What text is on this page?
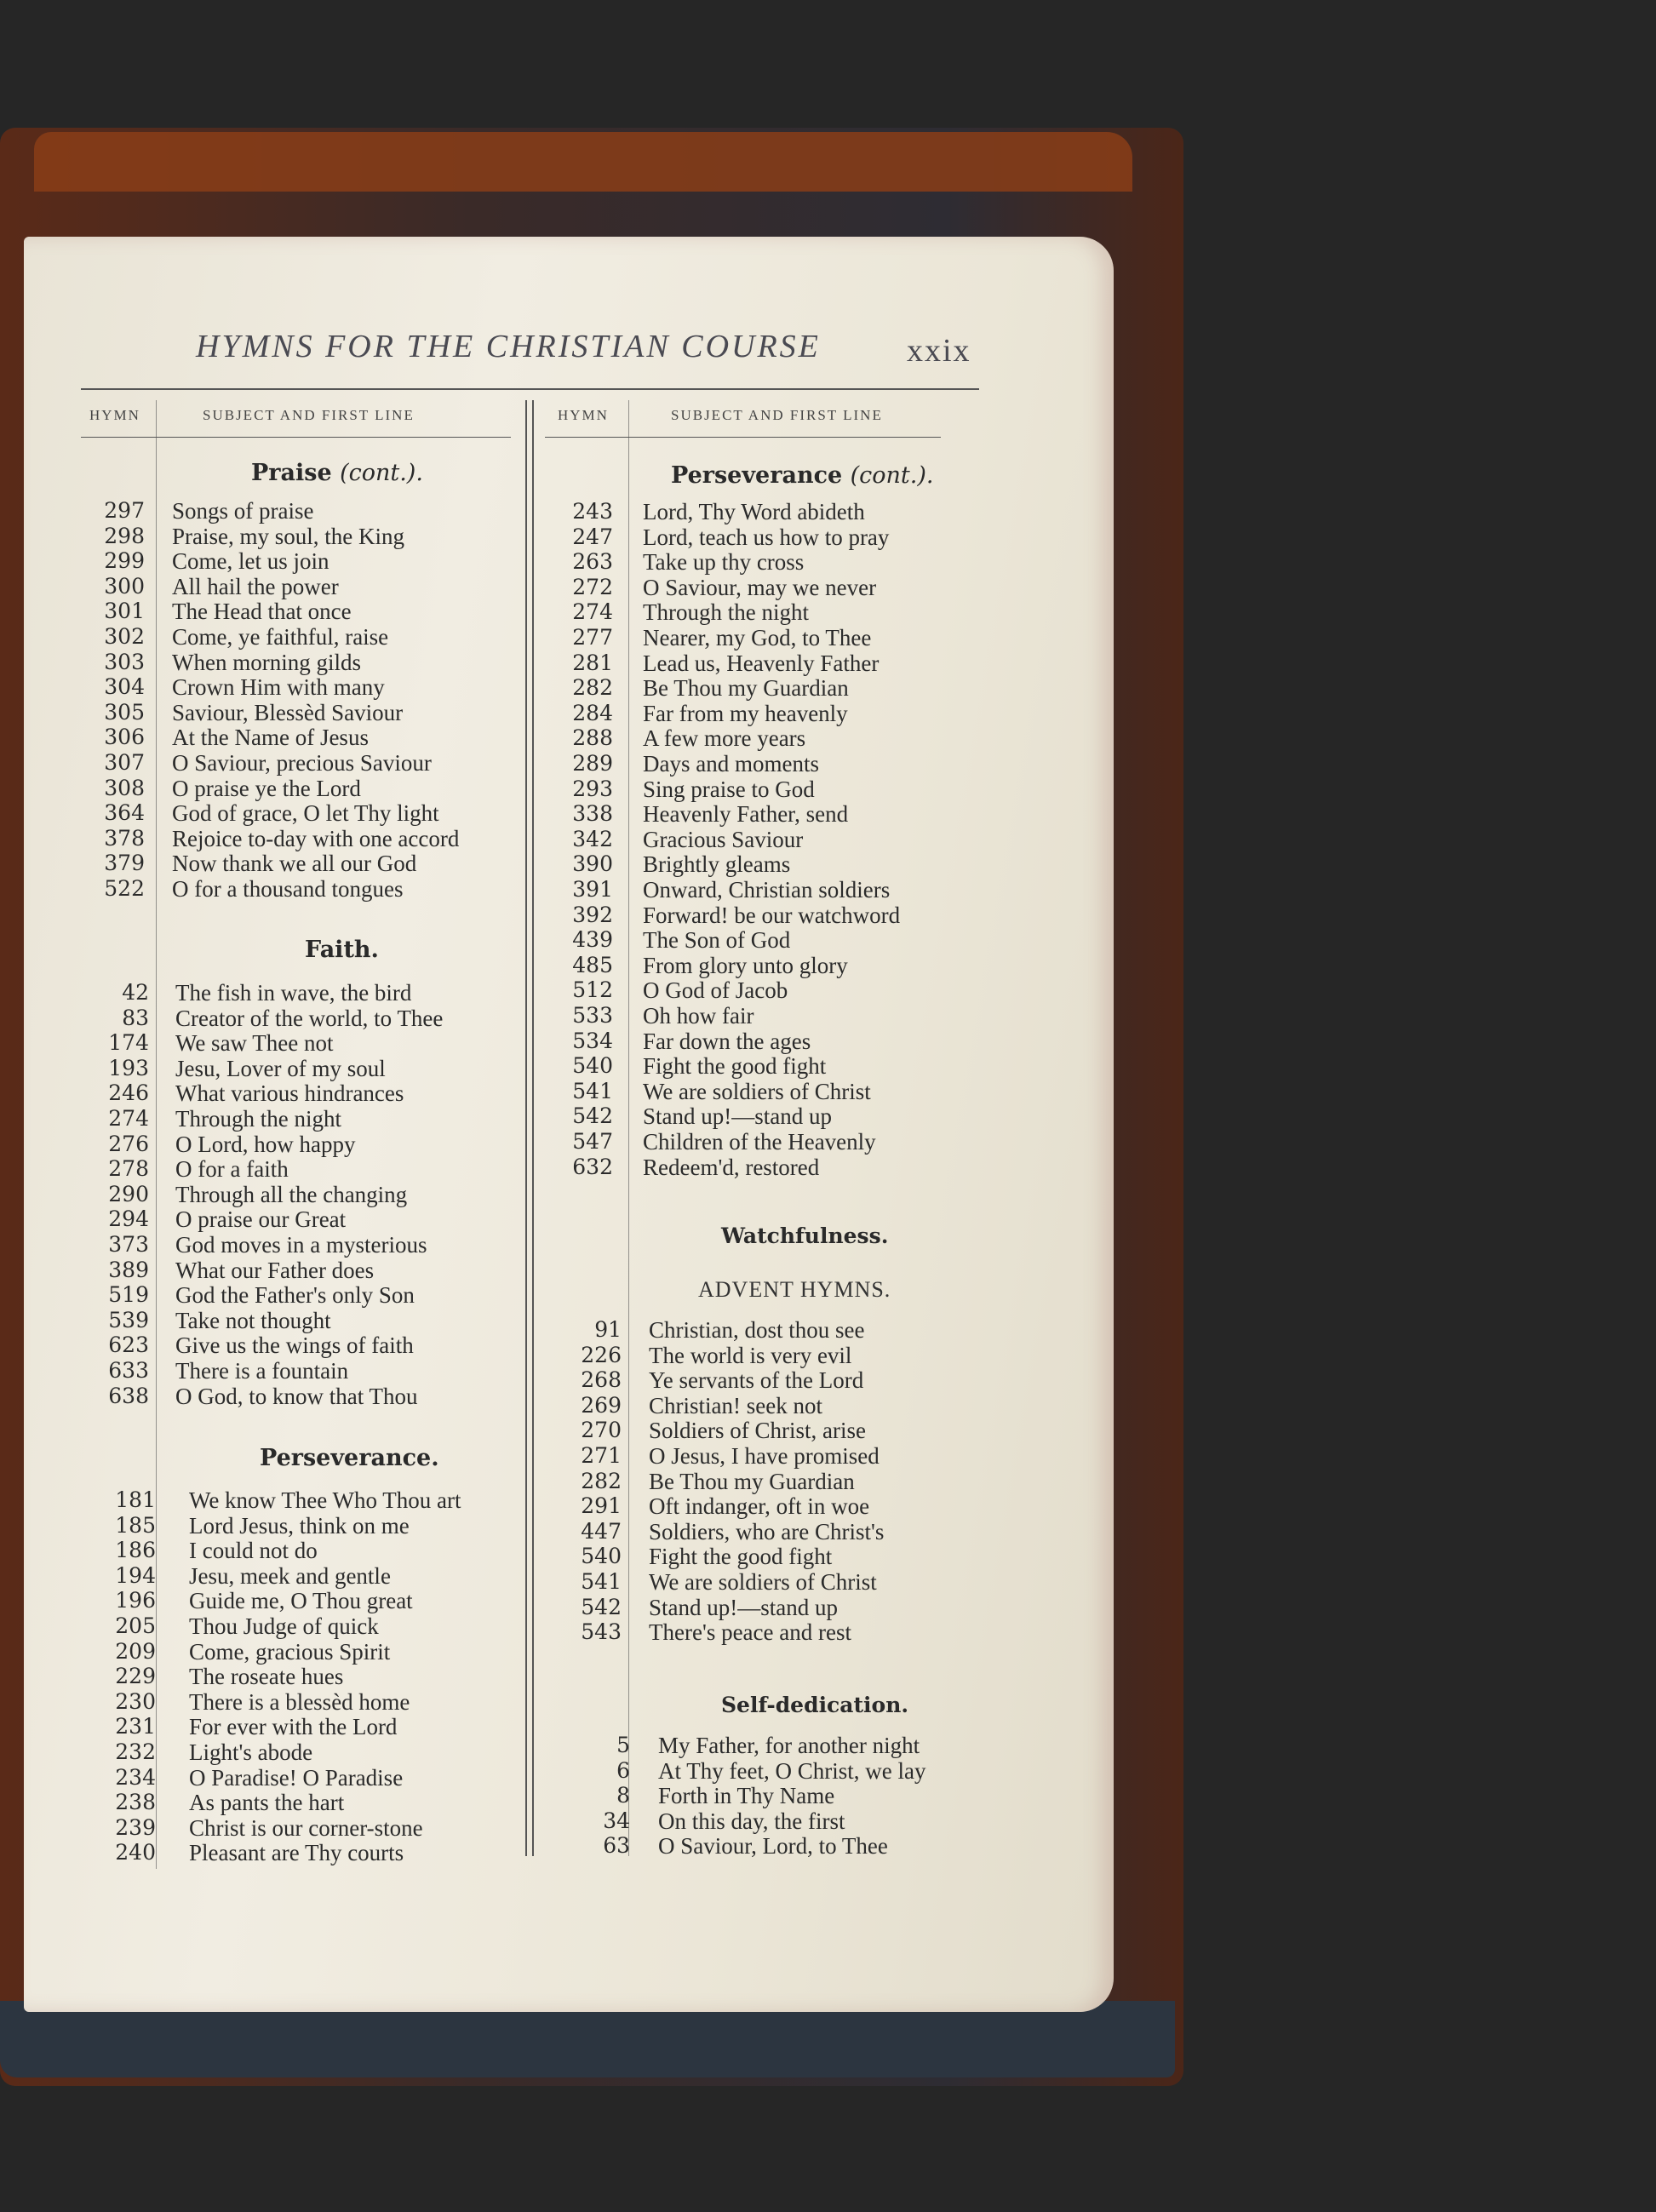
HYMNS FOR THE CHRISTIAN COURSE	xxix
HYMN	SUBJECT AND FIRST LINE	HYMN	SUBJECT AND FIRST LINE
Praise (cont.).
Faith.
Perseverance.
Perseverance (cont.).
Watchfulness.
ADVENT HYMNS.
Self-dedication.
297 Songs of praise
298 Praise, my soul, the King
299 Come, let us join
300 All hail the power
301 The Head that once
302 Come, ye faithful, raise
303 When morning gilds
304 Crown Him with many
305 Saviour, Blessèd Saviour
306 At the Name of Jesus
307 O Saviour, precious Saviour
308 O praise ye the Lord
364 God of grace, O let Thy light
378 Rejoice to-day with one accord
379 Now thank we all our God
522 O for a thousand tongues
42 The fish in wave, the bird
83 Creator of the world, to Thee
174 We saw Thee not
193 Jesu, Lover of my soul
246 What various hindrances
274 Through the night
276 O Lord, how happy
278 O for a faith
290 Through all the changing
294 O praise our Great
373 God moves in a mysterious
389 What our Father does
519 God the Father's only Son
539 Take not thought
623 Give us the wings of faith
633 There is a fountain
638 O God, to know that Thou
181 We know Thee Who Thou art
185 Lord Jesus, think on me
186 I could not do
194 Jesu, meek and gentle
196 Guide me, O Thou great
205 Thou Judge of quick
209 Come, gracious Spirit
229 The roseate hues
230 There is a blessèd home
231 For ever with the Lord
232 Light's abode
234 O Paradise! O Paradise
238 As pants the hart
239 Christ is our corner-stone
240 Pleasant are Thy courts
243 Lord, Thy Word abideth
247 Lord, teach us how to pray
263 Take up thy cross
272 O Saviour, may we never
274 Through the night
277 Nearer, my God, to Thee
281 Lead us, Heavenly Father
282 Be Thou my Guardian
284 Far from my heavenly
288 A few more years
289 Days and moments
293 Sing praise to God
338 Heavenly Father, send
342 Gracious Saviour
390 Brightly gleams
391 Onward, Christian soldiers
392 Forward! be our watchword
439 The Son of God
485 From glory unto glory
512 O God of Jacob
533 Oh how fair
534 Far down the ages
540 Fight the good fight
541 We are soldiers of Christ
542 Stand up!—stand up
547 Children of the Heavenly
632 Redeem'd, restored
91 Christian, dost thou see
226 The world is very evil
268 Ye servants of the Lord
269 Christian! seek not
270 Soldiers of Christ, arise
271 O Jesus, I have promised
282 Be Thou my Guardian
291 Oft indanger, oft in woe
447 Soldiers, who are Christ's
540 Fight the good fight
541 We are soldiers of Christ
542 Stand up!—stand up
543 There's peace and rest
5 My Father, for another night
6 At Thy feet, O Christ, we lay
8 Forth in Thy Name
34 On this day, the first
63 O Saviour, Lord, to Thee
